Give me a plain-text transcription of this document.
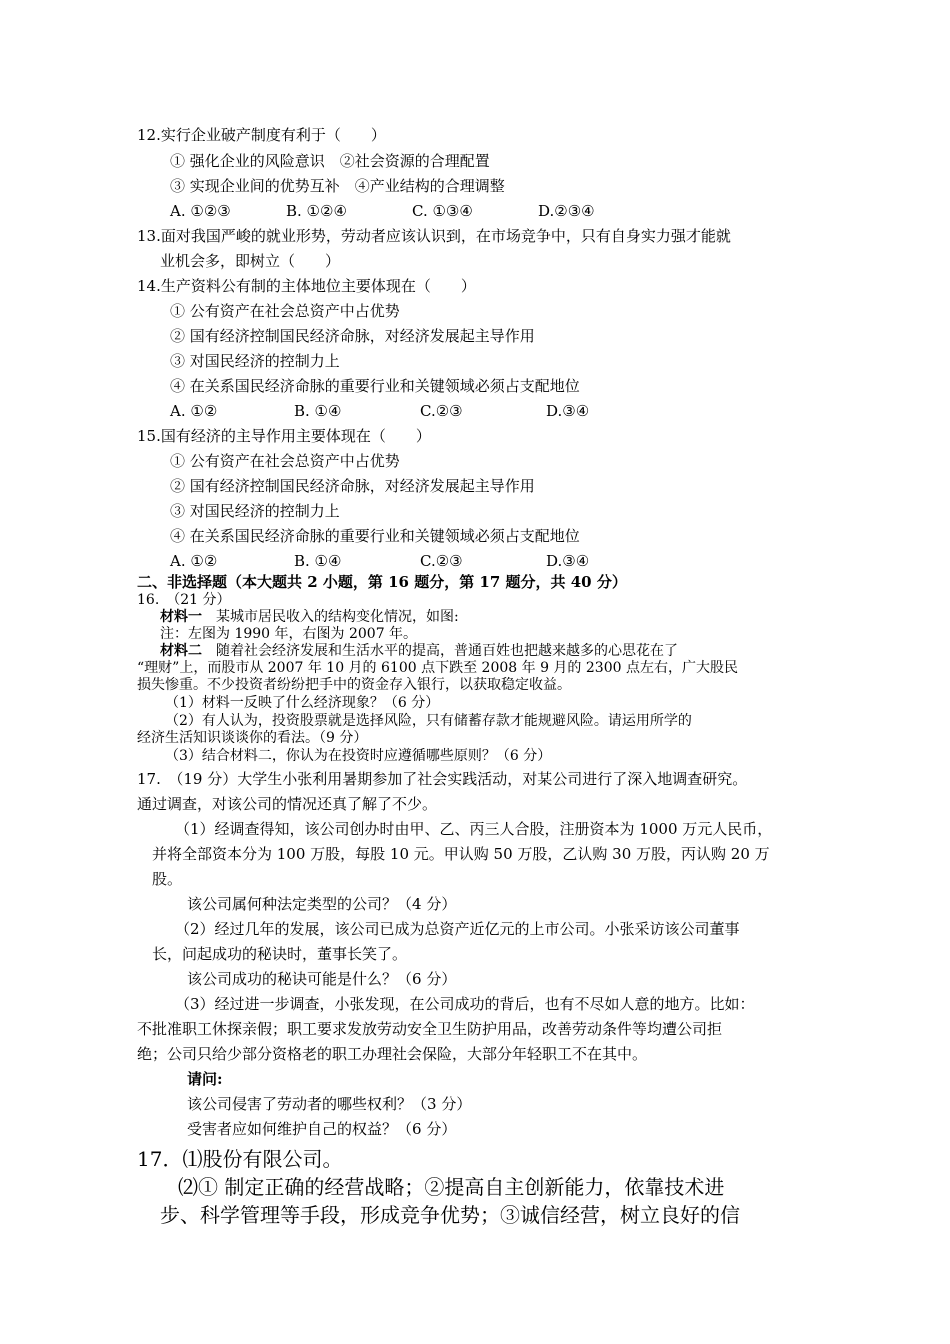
12.实行企业破产制度有利于（　　）
① 强化企业的风险意识　②社会资源的合理配置
③ 实现企业间的优势互补　④产业结构的合理调整
A. ①②③	B. ①②④	C. ①③④	D.②③④
13.面对我国严峻的就业形势，劳动者应该认识到，在市场竞争中，只有自身实力强才能就
业机会多，即树立（　　）
14.生产资料公有制的主体地位主要体现在（　　）
① 公有资产在社会总资产中占优势
② 国有经济控制国民经济命脉，对经济发展起主导作用
③ 对国民经济的控制力上
④ 在关系国民经济命脉的重要行业和关键领域必须占支配地位
A. ①②	B. ①④	C.②③	D.③④
15.国有经济的主导作用主要体现在（　　）
① 公有资产在社会总资产中占优势
② 国有经济控制国民经济命脉，对经济发展起主导作用
③ 对国民经济的控制力上
④ 在关系国民经济命脉的重要行业和关键领域必须占支配地位
A. ①②	B. ①④	C.②③	D.③④
二、非选择题（本大题共 2 小题，第 16 题分，第 17 题分，共 40 分）
16.　（21 分）
材料一　某城市居民收入的结构变化情况，如图:
注：左图为 1990 年，右图为 2007 年。
材料二　随着社会经济发展和生活水平的提高，普通百姓也把越来越多的心思花在了
“理财”上，而股市从 2007 年 10 月的 6100 点下跌至 2008 年 9 月的 2300 点左右，广大股民
损失惨重。不少投资者纷纷把手中的资金存入银行，以获取稳定收益。
（1）材料一反映了什么经济现象？（6 分）
（2）有人认为，投资股票就是选择风险，只有储蓄存款才能规避风险。请运用所学的
经济生活知识谈谈你的看法。（9 分）
（3）结合材料二，你认为在投资时应遵循哪些原则？（6 分）
17.　（19 分）大学生小张利用暑期参加了社会实践活动，对某公司进行了深入地调查研究。
通过调查，对该公司的情况还真了解了不少。
（1）经调查得知，该公司创办时由甲、乙、丙三人合股，注册资本为 1000 万元人民币，
并将全部资本分为 100 万股，每股 10 元。甲认购 50 万股，乙认购 30 万股，丙认购 20 万
股。
该公司属何种法定类型的公司？（4 分）
（2）经过几年的发展，该公司已成为总资产近亿元的上市公司。小张采访该公司董事
长，问起成功的秘诀时，董事长笑了。
该公司成功的秘诀可能是什么？（6 分）
（3）经过进一步调查，小张发现，在公司成功的背后，也有不尽如人意的地方。比如：
不批准职工休探亲假；职工要求发放劳动安全卫生防护用品，改善劳动条件等均遭公司拒
绝；公司只给少部分资格老的职工办理社会保险，大部分年轻职工不在其中。
请问:
该公司侵害了劳动者的哪些权利？（3 分）
受害者应如何维护自己的权益？（6 分）
17．⑴股份有限公司。
⑵① 制定正确的经营战略；②提高自主创新能力，依靠技术进
步、科学管理等手段，形成竞争优势；③诚信经营，树立良好的信
